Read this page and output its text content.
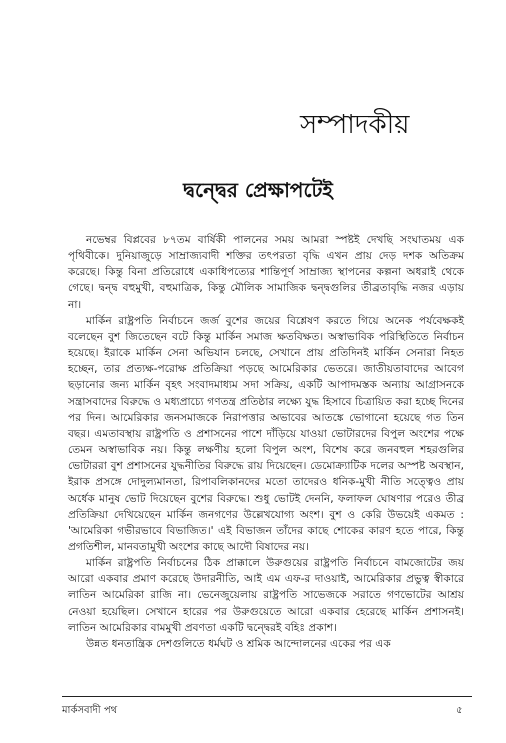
সম্পাদকীয়
দ্বন্দ্বের প্রেক্ষাপটেই

নভেম্বর বিপ্লবের ৮৭তম বার্ষিকী পালনের সময় আমরা স্পষ্টই দেখছি সংঘাতময় এক পৃথিবীকে। দুনিয়াজুড়ে সাম্রাজ্যবাদী শক্তির তৎপরতা বৃদ্ধি এখন প্রায় দেড় দশক অতিক্রম করেছে। কিন্তু বিনা প্রতিরোধে একাধিপত্যের শান্তিপূর্ণ সাম্রাজ্য স্থাপনের কল্পনা অধরাই থেকে গেছে। দ্বন্দ্ব বহুমুখী, বহুমাত্রিক, কিন্তু মৌলিক সামাজিক দ্বন্দ্বগুলির তীব্রতাবৃদ্ধি নজর এড়ায় না।

মার্কিন রাষ্ট্রপতি নির্বাচনে জর্জ বুশের জয়ের বিশ্লেষণ করতে গিয়ে অনেক পর্যবেক্ষকই বলেছেন বুশ জিতেছেন বটে কিন্তু মার্কিন সমাজ ক্ষতবিক্ষত। অস্বাভাবিক পরিস্থিতিতে নির্বাচন হয়েছে। ইরাকে মার্কিন সেনা অভিযান চলছে, সেখানে প্রায় প্রতিদিনই মার্কিন সেনারা নিহত হচ্ছেন, তার প্রত্যক্ষ-পরোক্ষ প্রতিক্রিয়া পড়ছে আমেরিকার ভেতরে। জাতীয়তাবাদের আবেগ ছড়ানোর জন্য মার্কিন বৃহৎ সংবাদমাধ্যম সদা সক্রিয়, একটি আপাদমস্তক অন্যায় আগ্রাসনকে সন্ত্রাসবাদের বিরুদ্ধে ও মধ্যপ্রাচ্যে গণতন্ত্র প্রতিষ্ঠার লক্ষ্যে যুদ্ধ হিসাবে চিত্রায়িত করা হচ্ছে দিনের পর দিন। আমেরিকার জনসমাজকে নিরাপত্তার অভাবের আতঙ্কে ভোগানো হয়েছে গত তিন বছর। এমতাবস্থায় রাষ্ট্রপতি ও প্রশাসনের পাশে দাঁড়িয়ে যাওয়া ভোটারদের বিপুল অংশের পক্ষে তেমন অস্বাভাবিক নয়। কিন্তু লক্ষণীয় হলো বিপুল অংশ, বিশেষ করে জনবহুল শহরগুলির ভোটাররা বুশ প্রশাসনের যুদ্ধনীতির বিরুদ্ধে রায় দিয়েছেন। ডেমোক্র্যাটিক দলের অস্পষ্ট অবস্থান, ইরাক প্রসঙ্গে দোদুল্যমানতা, রিপাবলিকানদের মতো তাদেরও ধনিক-মুখী নীতি সত্ত্বেও প্রায় অর্ধেক মানুষ ভোট দিয়েছেন বুশের বিরুদ্ধে। শুধু ভোটই দেননি, ফলাফল ঘোষণার পরেও তীব্র প্রতিক্রিয়া দেখিয়েছেন মার্কিন জনগণের উল্লেখযোগ্য অংশ। বুশ ও কেরি উভয়েই একমত : 'আমেরিকা গভীরভাবে বিভাজিত।' এই বিভাজন তাঁদের কাছে শোকের কারণ হতে পারে, কিন্তু প্রগতিশীল, মানবতামুখী অংশের কাছে আদৌ বিষাদের নয়।

মার্কিন রাষ্ট্রপতি নির্বাচনের ঠিক প্রাক্কালে উরুগুয়ের রাষ্ট্রপতি নির্বাচনে বামজোটের জয় আরো একবার প্রমাণ করেছে উদারনীতি, আই এম এফ-র দাওয়াই, আমেরিকার প্রভুত্ব স্বীকারে লাতিন আমেরিকা রাজি না। ভেনেজুয়েলায় রাষ্ট্রপতি সাভেজকে সরাতে গণভোটের আশ্রয় নেওয়া হয়েছিল। সেখানে হারের পর উরুগুয়েতে আরো একবার হেরেছে মার্কিন প্রশাসনই। লাতিন আমেরিকার বামমুখী প্রবণতা একটি দ্বন্দ্বেরই বহিঃ প্রকাশ।

উন্নত ধনতান্ত্রিক দেশগুলিতে ধর্মঘট ও শ্রমিক আন্দোলনের একের পর এক

মার্কসবাদী পথ	৫
